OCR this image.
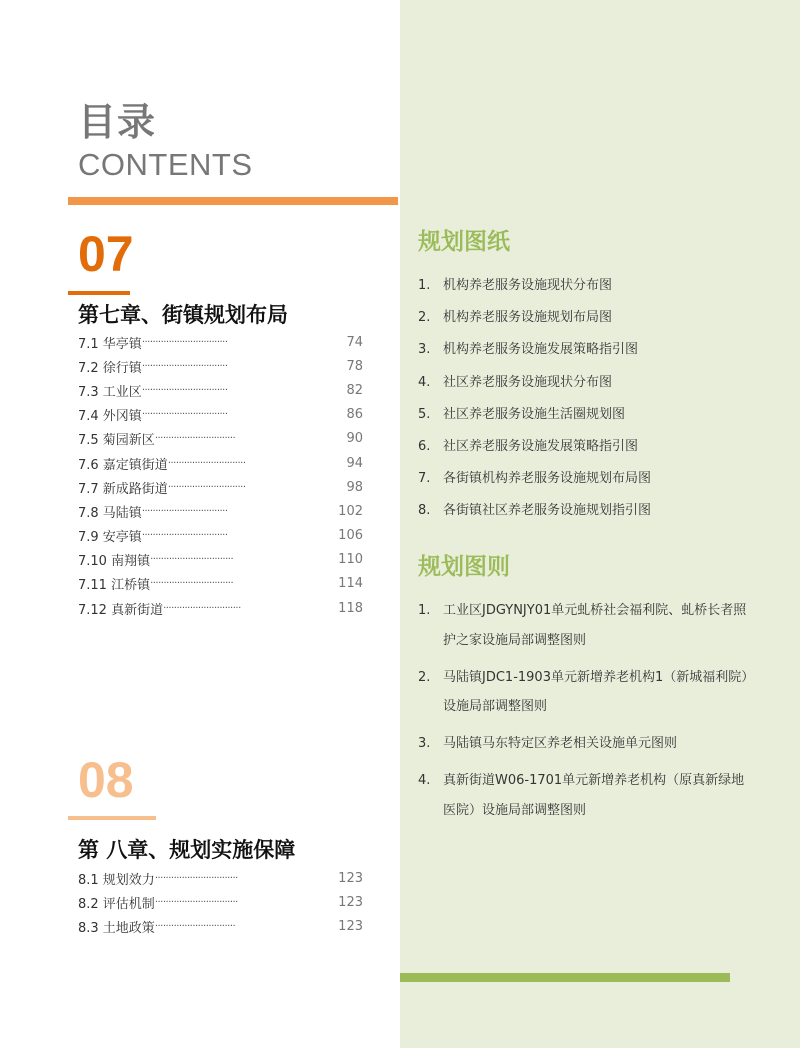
目录
CONTENTS
07
第七章、街镇规划布局
7.1 华亭镇 ································	74
7.2 徐行镇 ································	78
7.3 工业区 ································	82
7.4 外冈镇 ································	86
7.5 菊园新区 ······························	90
7.6 嘉定镇街道 ·····························	94
7.7 新成路街道 ·····························	98
7.8 马陆镇 ································	102
7.9 安亭镇 ································	106
7.10 南翔镇 ·······························	110
7.11 江桥镇 ·······························	114
7.12 真新街道 ·····························	118
08
第 八章、规划实施保障
8.1 规划效力 ·······························	123
8.2 评估机制 ·······························	123
8.3 土地政策 ······························	123
规划图纸
1. 机构养老服务设施现状分布图
2. 机构养老服务设施规划布局图
3. 机构养老服务设施发展策略指引图
4. 社区养老服务设施现状分布图
5. 社区养老服务设施生活圈规划图
6. 社区养老服务设施发展策略指引图
7. 各街镇机构养老服务设施规划布局图
8. 各街镇社区养老服务设施规划指引图
规划图则
1. 工业区JDGYNJY01单元虬桥社会福利院、虬桥长者照护之家设施局部调整图则
2. 马陆镇JDC1-1903单元新增养老机构1（新城福利院）设施局部调整图则
3. 马陆镇马东特定区养老相关设施单元图则
4. 真新街道W06-1701单元新增养老机构（原真新绿地医院）设施局部调整图则
